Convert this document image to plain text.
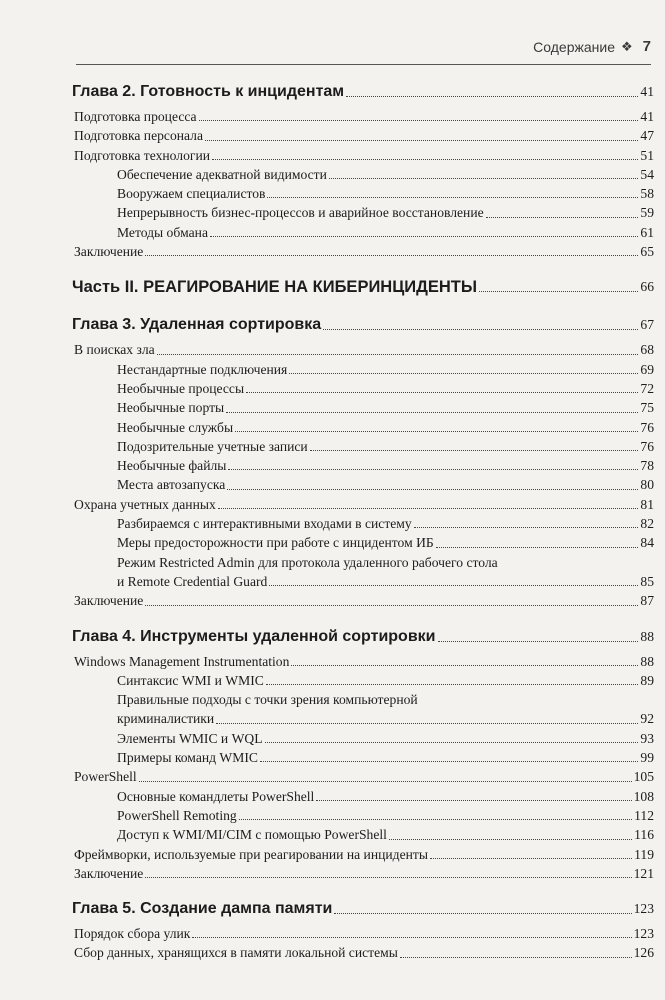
Содержание ❖ 7
Глава 2. Готовность к инцидентам	41
Подготовка процесса	41
Подготовка персонала	47
Подготовка технологии	51
Обеспечение адекватной видимости	54
Вооружаем специалистов	58
Непрерывность бизнес-процессов и аварийное восстановление	59
Методы обмана	61
Заключение	65
Часть II. РЕАГИРОВАНИЕ НА КИБЕРИНЦИДЕНТЫ	66
Глава 3. Удаленная сортировка	67
В поисках зла	68
Нестандартные подключения	69
Необычные процессы	72
Необычные порты	75
Необычные службы	76
Подозрительные учетные записи	76
Необычные файлы	78
Места автозапуска	80
Охрана учетных данных	81
Разбираемся с интерактивными входами в систему	82
Меры предосторожности при работе с инцидентом ИБ	84
Режим Restricted Admin для протокола удаленного рабочего стола
и Remote Credential Guard	85
Заключение	87
Глава 4. Инструменты удаленной сортировки	88
Windows Management Instrumentation	88
Синтаксис WMI и WMIC	89
Правильные подходы с точки зрения компьютерной
криминалистики	92
Элементы WMIC и WQL	93
Примеры команд WMIC	99
PowerShell	105
Основные командлеты PowerShell	108
PowerShell Remoting	112
Доступ к WMI/MI/CIM с помощью PowerShell	116
Фреймворки, используемые при реагировании на инциденты	119
Заключение	121
Глава 5. Создание дампа памяти	123
Порядок сбора улик	123
Сбор данных, хранящихся в памяти локальной системы	126
